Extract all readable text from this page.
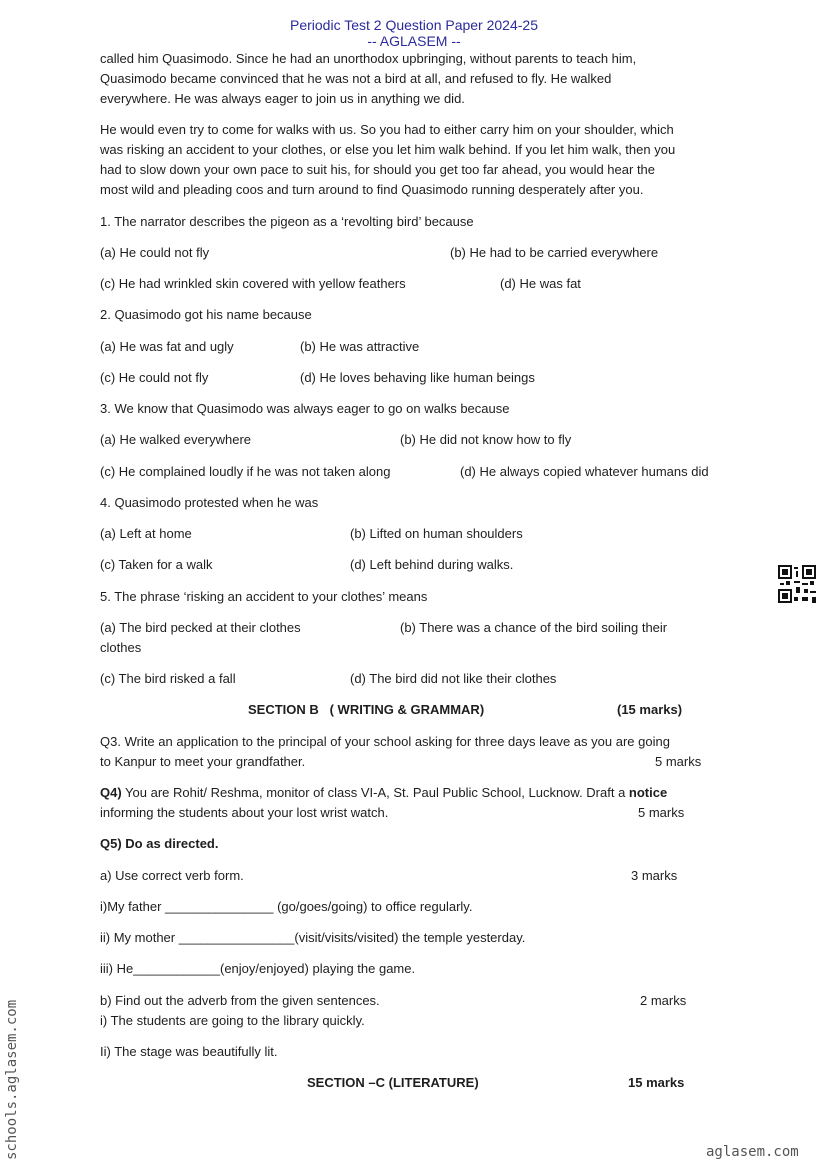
Periodic Test 2 Question Paper 2024-25
-- AGLASEM --
called him Quasimodo. Since he had an unorthodox upbringing, without parents to teach him,
Quasimodo became convinced that he was not a bird at all, and refused to fly. He walked
everywhere. He was always eager to join us in anything we did.
He would even try to come for walks with us. So you had to either carry him on your shoulder, which
was risking an accident to your clothes, or else you let him walk behind. If you let him walk, then you
had to slow down your own pace to suit his, for should you get too far ahead, you would hear the
most wild and pleading coos and turn around to find Quasimodo running desperately after you.
1. The narrator describes the pigeon as a ‘revolting bird’ because
(a) He could not fly	(b) He had to be carried everywhere
(c) He had wrinkled skin covered with yellow feathers	(d) He was fat
2. Quasimodo got his name because
(a) He was fat and ugly	(b) He was attractive
(c) He could not fly	(d) He loves behaving like human beings
3. We know that Quasimodo was always eager to go on walks because
(a) He walked everywhere	(b) He did not know how to fly
(c) He complained loudly if he was not taken along	(d) He always copied whatever humans did
4. Quasimodo protested when he was
(a) Left at home	(b) Lifted on human shoulders
(c) Taken for a walk	(d) Left behind during walks.
5. The phrase ‘risking an accident to your clothes’ means
(a) The bird pecked at their clothes	(b) There was a chance of the bird soiling their
clothes
(c) The bird risked a fall	(d) The bird did not like their clothes
SECTION B   ( WRITING & GRAMMAR)	(15 marks)
Q3. Write an application to the principal of your school asking for three days leave as you are going
to Kanpur to meet your grandfather.	5 marks
Q4) You are Rohit/ Reshma, monitor of class VI-A, St. Paul Public School, Lucknow. Draft a notice
informing the students about your lost wrist watch.	5 marks
Q5) Do as directed.
a) Use correct verb form.	3 marks
i)My father _______________ (go/goes/going) to office regularly.
ii) My mother ________________(visit/visits/visited) the temple yesterday.
iii) He____________(enjoy/enjoyed) playing the game.
b) Find out the adverb from the given sentences.	2 marks
i) The students are going to the library quickly.
Ii) The stage was beautifully lit.
SECTION –C (LITERATURE)	15 marks
schools.aglasem.com	aglasem.com
